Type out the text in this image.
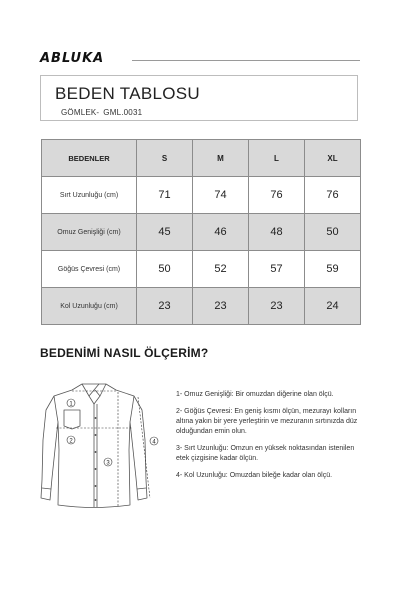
ABLUKA
BEDEN TABLOSU
GÖMLEK- GML.0031
BEDENLER	S	M	L	XL
Sırt Uzunluğu (cm)	71	74	76	76
Omuz Genişliği (cm)	45	46	48	50
Göğüs Çevresi (cm)	50	52	57	59
Kol Uzunluğu (cm)	23	23	23	24
BEDENİMİ NASIL ÖLÇERİM?
1
2
3
4

1- Omuz Genişliği: Bir omuzdan diğerine olan ölçü.

2- Göğüs Çevresi: En geniş kısmı ölçün, mezurayı kolların altına yakın bir yere yerleştirin ve mezuranın sırtınızda düz olduğundan emin olun.

3- Sırt Uzunluğu: Omzun en yüksek noktasından istenilen etek çizgisine kadar ölçün.

4- Kol Uzunluğu: Omuzdan bileğe kadar olan ölçü.
